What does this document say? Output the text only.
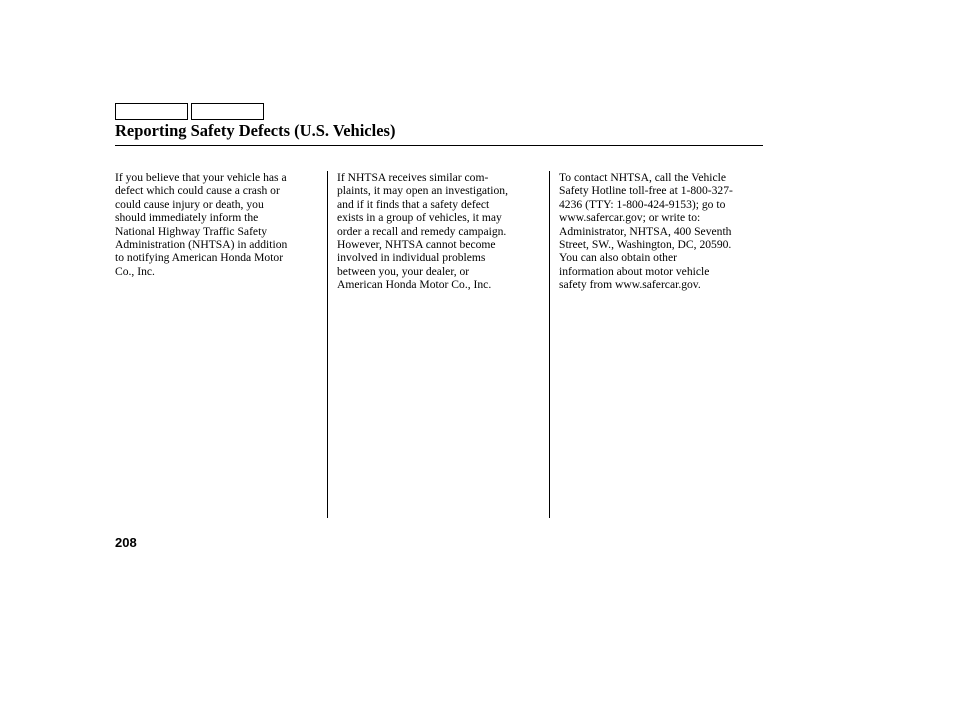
Reporting Safety Defects (U.S. Vehicles)

If you believe that your vehicle has a
defect which could cause a crash or
could cause injury or death, you
should immediately inform the
National Highway Traffic Safety
Administration (NHTSA) in addition
to notifying American Honda Motor
Co., Inc.

If NHTSA receives similar com-
plaints, it may open an investigation,
and if it finds that a safety defect
exists in a group of vehicles, it may
order a recall and remedy campaign.
However, NHTSA cannot become
involved in individual problems
between you, your dealer, or
American Honda Motor Co., Inc.

To contact NHTSA, call the Vehicle
Safety Hotline toll-free at 1-800-327-
4236 (TTY: 1-800-424-9153); go to
www.safercar.gov; or write to:
Administrator, NHTSA, 400 Seventh
Street, SW., Washington, DC, 20590.
You can also obtain other
information about motor vehicle
safety from www.safercar.gov.

208
